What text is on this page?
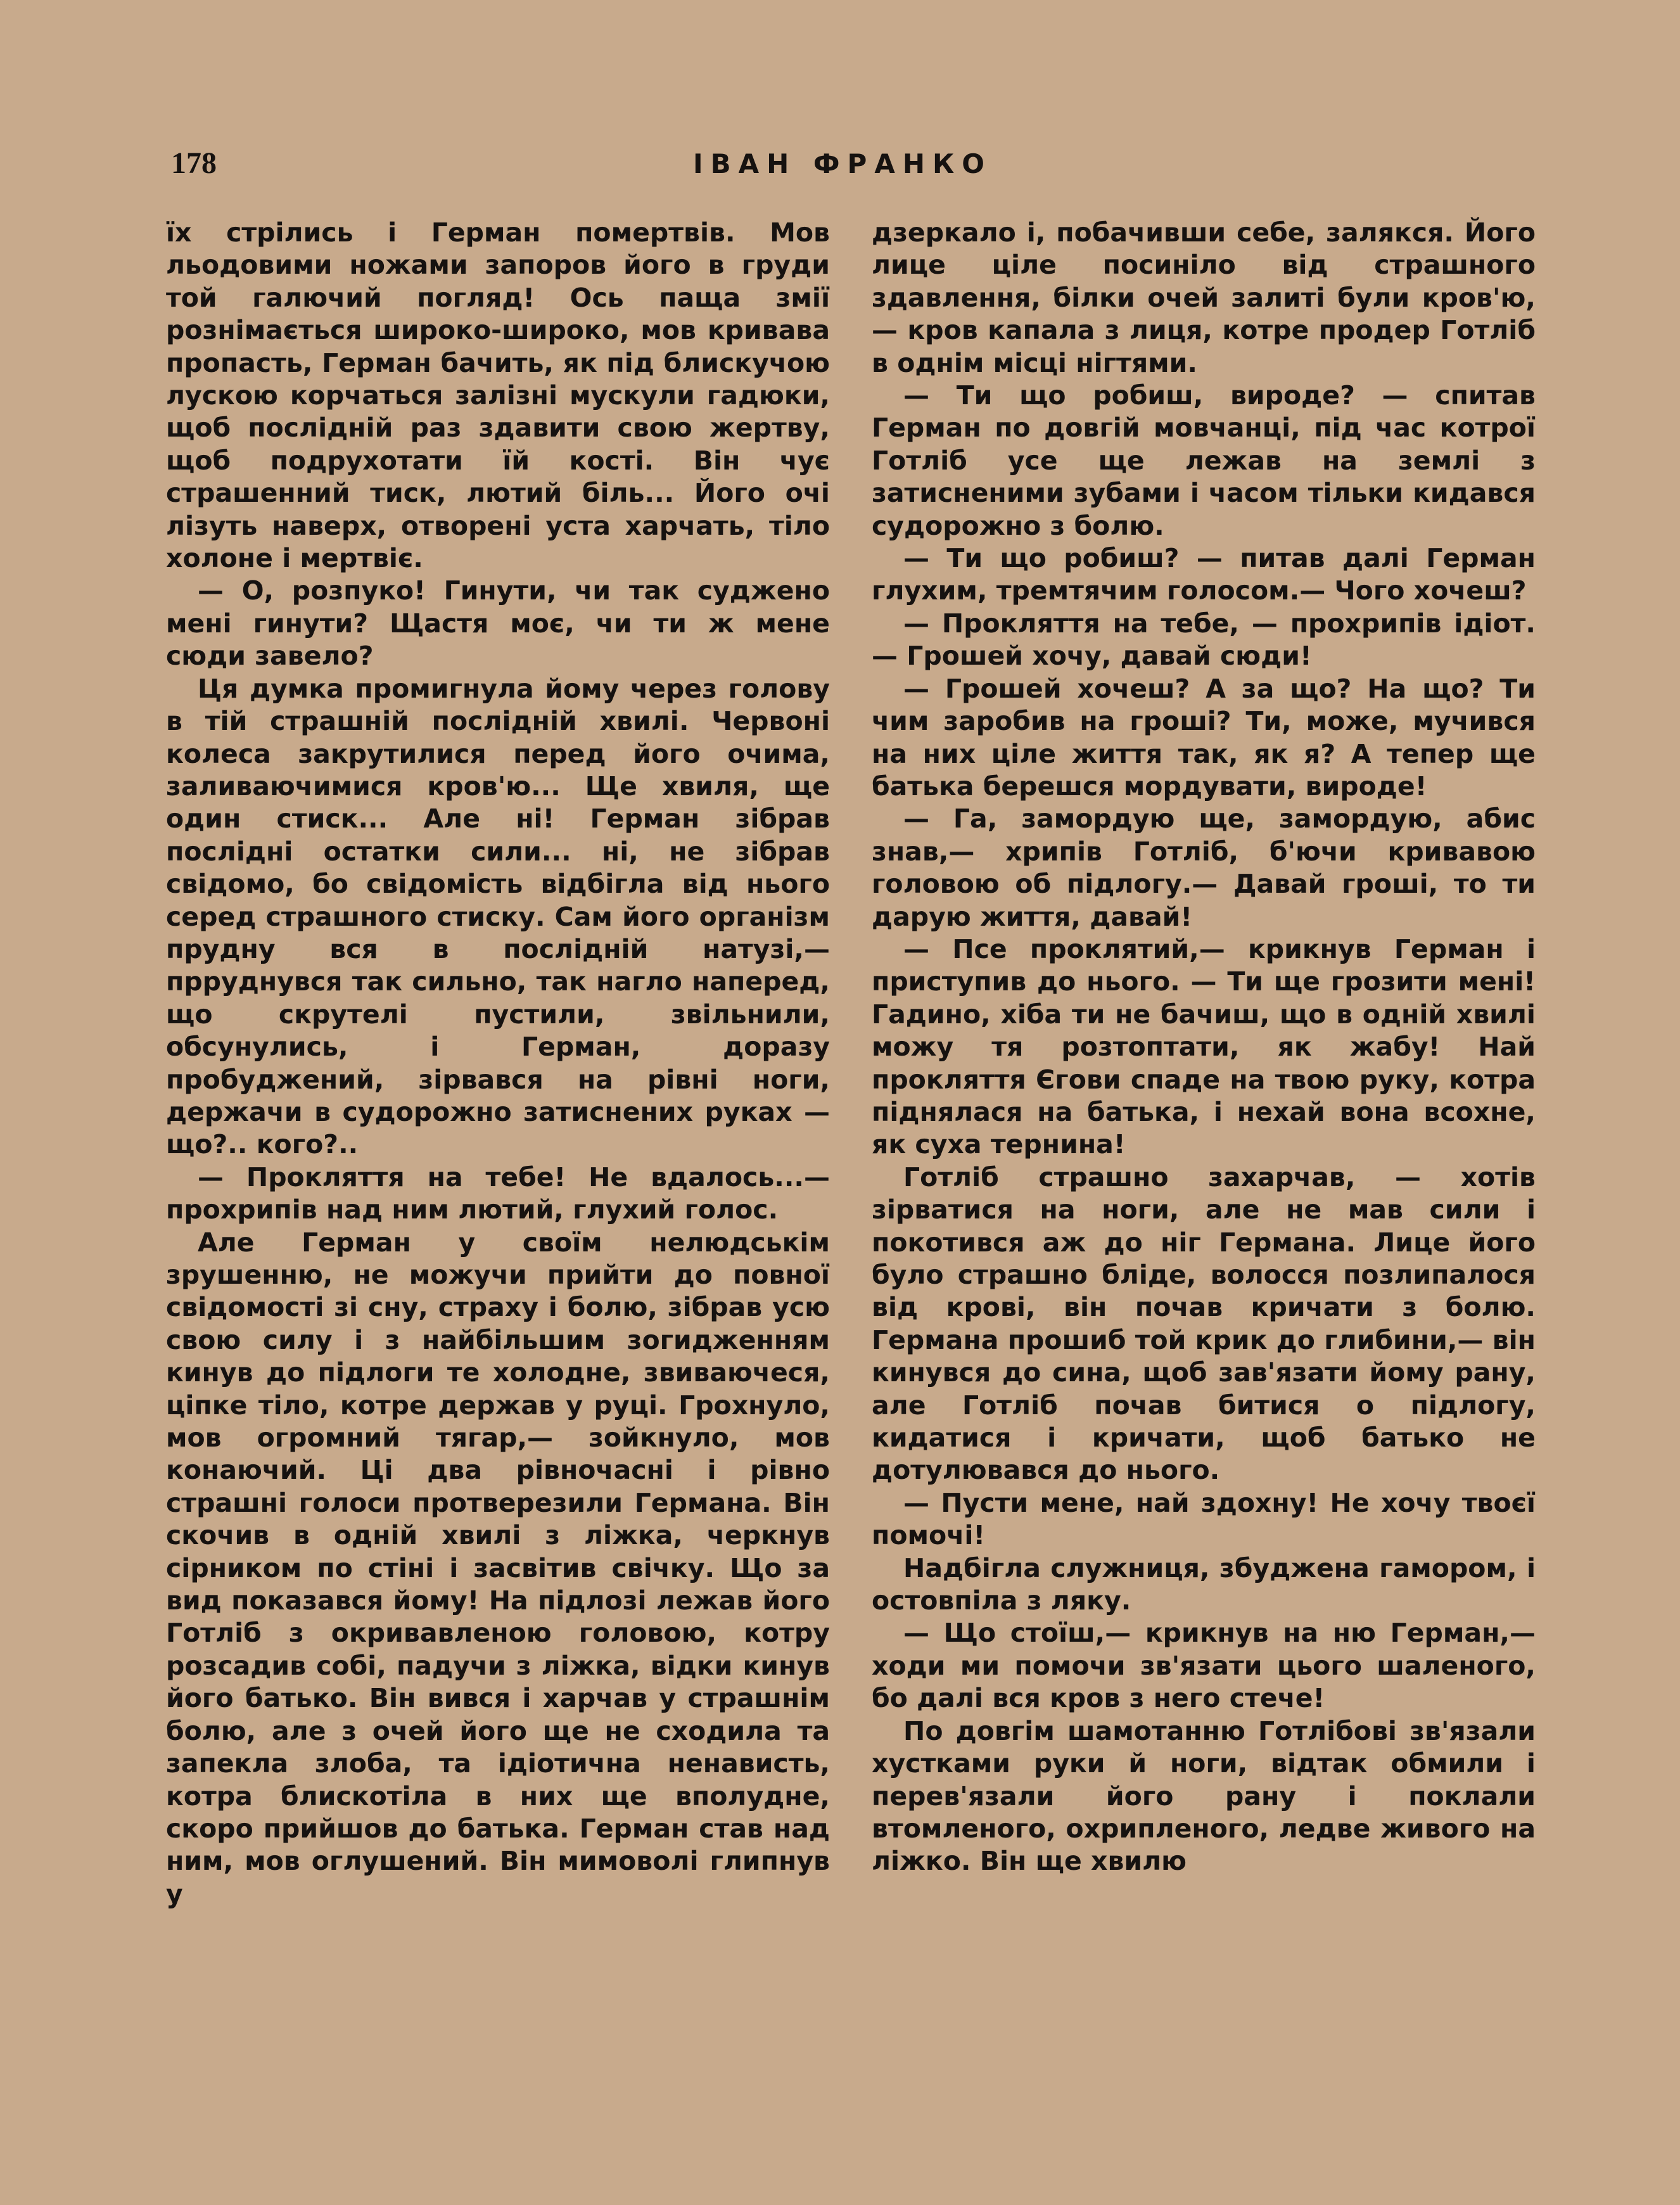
178	ІВАН ФРАНКО

їх стрілись і Герман помертвів. Мов льодовими ножами запоров його в груди той галючий погляд! Ось паща змії рознімається широко-широко, мов кривава пропасть, Герман бачить, як під блискучою лускою корчаться залізні мускули гадюки, щоб послідній раз здавити свою жертву, щоб подрухотати їй кості. Він чує страшенний тиск, лютий біль... Його очі лізуть наверх, отворені уста харчать, тіло холоне і мертвіє.

— О, розпуко! Гинути, чи так суджено мені гинути? Щастя моє, чи ти ж мене сюди завело?

Ця думка промигнула йому через голову в тій страшній послідній хвилі. Червоні колеса закрутилися перед його очима, заливаючимися кров'ю... Ще хвиля, ще один стиск... Але ні! Герман зібрав послідні остатки сили... ні, не зібрав свідомо, бо свідомість відбігла від нього серед страшного стиску. Сам його організм прудну вся в послідній натузі,— прруднувся так сильно, так нагло наперед, що скрутелі пустили, звільнили, обсунулись, і Герман, доразу пробуджений, зірвався на рівні ноги, держачи в судорожно затиснених руках — що?.. кого?..

— Прокляття на тебе! Не вдалось...— прохрипів над ним лютий, глухий голос.

Але Герман у своїм нелюдськім зрушенню, не можучи прийти до повної свідомості зі сну, страху і болю, зібрав усю свою силу і з найбільшим зогидженням кинув до підлоги те холодне, звиваючеся, ціпке тіло, котре держав у руці. Грохнуло, мов огромний тягар,— зойкнуло, мов конаючий. Ці два рівночасні і рівно страшні голоси протверезили Германа. Він скочив в одній хвилі з ліжка, черкнув сірником по стіні і засвітив свічку. Що за вид показався йому! На підлозі лежав його Готліб з окривавленою головою, котру розсадив собі, падучи з ліжка, відки кинув його батько. Він вився і харчав у страшнім болю, але з очей його ще не сходила та запекла злоба, та ідіотична ненависть, котра блискотіла в них ще вполудне, скоро прийшов до батька. Герман став над ним, мов оглушений. Він мимоволі глипнув у

дзеркало і, побачивши себе, залякся. Його лице ціле посиніло від страшного здавлення, білки очей залиті були кров'ю,— кров капала з лиця, котре продер Готліб в однім місці нігтями.

— Ти що робиш, вироде? — спитав Герман по довгій мовчанці, під час котрої Готліб усе ще лежав на землі з затисненими зубами і часом тільки кидався судорожно з болю.

— Ти що робиш? — питав далі Герман глухим, тремтячим голосом.— Чого хочеш?

— Прокляття на тебе, — прохрипів ідіот.— Грошей хочу, давай сюди!

— Грошей хочеш? А за що? На що? Ти чим заробив на гроші? Ти, може, мучився на них ціле життя так, як я? А тепер ще батька берешся мордувати, вироде!

— Га, замордую ще, замордую, абис знав,— хрипів Готліб, б'ючи кривавою головою об підлогу.— Давай гроші, то ти дарую життя, давай!

— Псе проклятий,— крикнув Герман і приступив до нього. — Ти ще грозити мені! Гадино, хіба ти не бачиш, що в одній хвилі можу тя розтоптати, як жабу! Най прокляття Єгови спаде на твою руку, котра піднялася на батька, і нехай вона всохне, як суха тернина!

Готліб страшно захарчав, — хотів зірватися на ноги, але не мав сили і покотився аж до ніг Германа. Лице його було страшно бліде, волосся позлипалося від крові, він почав кричати з болю. Германа прошиб той крик до глибини,— він кинувся до сина, щоб зав'язати йому рану, але Готліб почав битися о підлогу, кидатися і кричати, щоб батько не дотулювався до нього.

— Пусти мене, най здохну! Не хочу твоєї помочі!

Надбігла служниця, збуджена гамором, і остовпіла з ляку.

— Що стоїш,— крикнув на ню Герман,— ходи ми помочи зв'язати цього шаленого, бо далі вся кров з него стече!

По довгім шамотанню Готлібові зв'язали хустками руки й ноги, відтак обмили і перев'язали його рану і поклали втомленого, охрипленого, ледве живого на ліжко. Він ще хвилю
